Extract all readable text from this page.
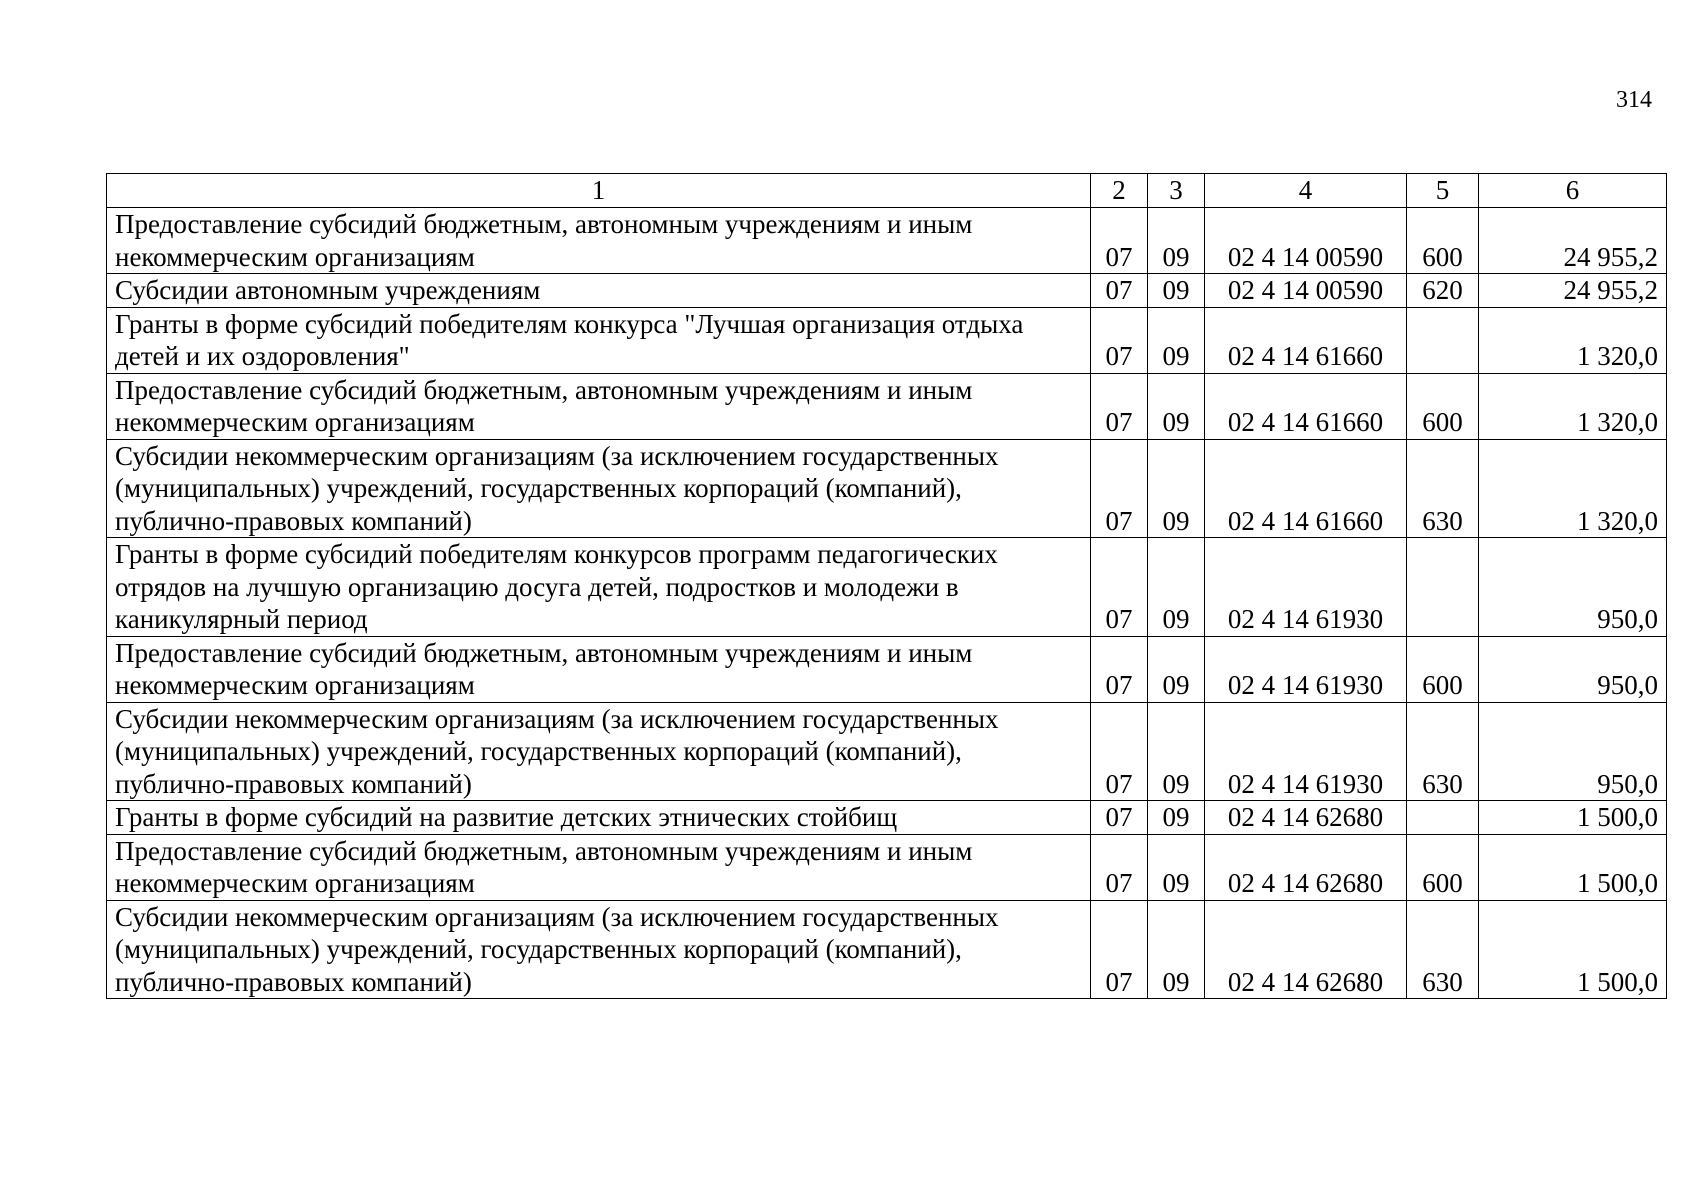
314
1	2	3	4	5	6
Предоставление субсидий бюджетным, автономным учреждениям и иным некоммерческим организациям	07	09	02 4 14 00590	600	24 955,2
Субсидии автономным учреждениям	07	09	02 4 14 00590	620	24 955,2
Гранты в форме субсидий победителям конкурса "Лучшая организация отдыха детей и их оздоровления"	07	09	02 4 14 61660		1 320,0
Предоставление субсидий бюджетным, автономным учреждениям и иным некоммерческим организациям	07	09	02 4 14 61660	600	1 320,0
Субсидии некоммерческим организациям (за исключением государственных (муниципальных) учреждений, государственных корпораций (компаний), публично-правовых компаний)	07	09	02 4 14 61660	630	1 320,0
Гранты в форме субсидий победителям конкурсов программ педагогических отрядов на лучшую организацию досуга детей, подростков и молодежи в каникулярный период	07	09	02 4 14 61930		950,0
Предоставление субсидий бюджетным, автономным учреждениям и иным некоммерческим организациям	07	09	02 4 14 61930	600	950,0
Субсидии некоммерческим организациям (за исключением государственных (муниципальных) учреждений, государственных корпораций (компаний), публично-правовых компаний)	07	09	02 4 14 61930	630	950,0
Гранты в форме субсидий на развитие детских этнических стойбищ	07	09	02 4 14 62680		1 500,0
Предоставление субсидий бюджетным, автономным учреждениям и иным некоммерческим организациям	07	09	02 4 14 62680	600	1 500,0
Субсидии некоммерческим организациям (за исключением государственных (муниципальных) учреждений, государственных корпораций (компаний), публично-правовых компаний)	07	09	02 4 14 62680	630	1 500,0
